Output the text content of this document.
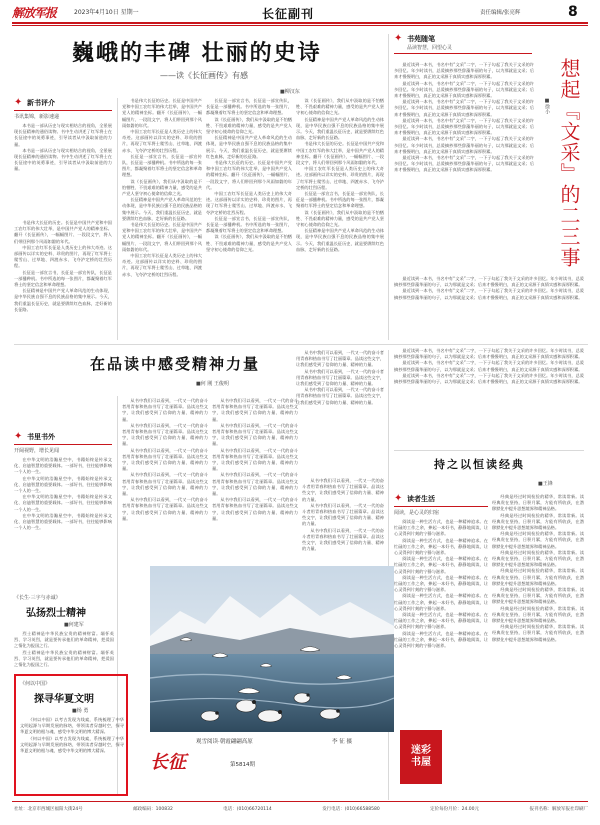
解放军报	2023年4月10日 星期一	长征副刊	责任编辑/张亮辉	8
巍峨的丰碑 壮丽的史诗
——读《长征画传》有感
■柳汉东
✦ 新书评介
书讯集锦，新影速递

本书是一部从历史与现实相结合的视角，全景展现长征精神的通俗读物。书中生动讲述了红军将士在长征途中的英勇事迹，引导读者从中汲取前进的力量。

本书是一部从历史与现实相结合的视角，全景展现长征精神的通俗读物。书中生动讲述了红军将士在长征途中的英勇事迹，引导读者从中汲取前进的力量。

书是伟大长征的历史。长征是中国共产党和中国工农红军的伟大壮举，是中国共产党人的精神坐标。翻开《长征画传》，一幅幅图片、一段段文字，将人们带回到那个风雨如磐的年代。

中国工农红军长征是人类历史上的伟大奇迹。这部画传以详实的史料、珍贵的图片，再现了红军将士爬雪山、过草地、四渡赤水、飞夺泸定桥的壮烈历程。

长征是一部宣言书，长征是一部宣传队，长征是一部播种机。书中所选的每一张图片，都凝聚着红军将士的坚定信念和革命理想。

长征精神是中国共产党人革命风范的生动体现，是中华民族自强不息的民族品格的集中展示。今天，我们重温长征历史，就是要赓续红色血脉，走好新的长征路。

书是伟大长征的历史。长征是中国共产党和中国工农红军的伟大壮举，是中国共产党人的精神坐标。翻开《长征画传》，一幅幅图片、一段段文字，将人们带回到那个风雨如磐的年代。

中国工农红军长征是人类历史上的伟大奇迹。这部画传以详实的史料、珍贵的图片，再现了红军将士爬雪山、过草地、四渡赤水、飞夺泸定桥的壮烈历程。

长征是一部宣言书，长征是一部宣传队，长征是一部播种机。书中所选的每一张图片，都凝聚着红军将士的坚定信念和革命理想。

读《长征画传》，我们从中汲取的是不怕牺牲、不畏艰难的精神力量，感受的是共产党人坚守初心使命的信仰之光。

长征精神是中国共产党人革命风范的生动体现，是中华民族自强不息的民族品格的集中展示。今天，我们重温长征历史，就是要赓续红色血脉，走好新的长征路。

书是伟大长征的历史。长征是中国共产党和中国工农红军的伟大壮举，是中国共产党人的精神坐标。翻开《长征画传》，一幅幅图片、一段段文字，将人们带回到那个风雨如磐的年代。

中国工农红军长征是人类历史上的伟大奇迹。这部画传以详实的史料、珍贵的图片，再现了红军将士爬雪山、过草地、四渡赤水、飞夺泸定桥的壮烈历程。

长征是一部宣言书，长征是一部宣传队，长征是一部播种机。书中所选的每一张图片，都凝聚着红军将士的坚定信念和革命理想。

读《长征画传》，我们从中汲取的是不怕牺牲、不畏艰难的精神力量，感受的是共产党人坚守初心使命的信仰之光。

长征精神是中国共产党人革命风范的生动体现，是中华民族自强不息的民族品格的集中展示。今天，我们重温长征历史，就是要赓续红色血脉，走好新的长征路。

书是伟大长征的历史。长征是中国共产党和中国工农红军的伟大壮举，是中国共产党人的精神坐标。翻开《长征画传》，一幅幅图片、一段段文字，将人们带回到那个风雨如磐的年代。

中国工农红军长征是人类历史上的伟大奇迹。这部画传以详实的史料、珍贵的图片，再现了红军将士爬雪山、过草地、四渡赤水、飞夺泸定桥的壮烈历程。

长征是一部宣言书，长征是一部宣传队，长征是一部播种机。书中所选的每一张图片，都凝聚着红军将士的坚定信念和革命理想。

读《长征画传》，我们从中汲取的是不怕牺牲、不畏艰难的精神力量，感受的是共产党人坚守初心使命的信仰之光。

读《长征画传》，我们从中汲取的是不怕牺牲、不畏艰难的精神力量，感受的是共产党人坚守初心使命的信仰之光。

长征精神是中国共产党人革命风范的生动体现，是中华民族自强不息的民族品格的集中展示。今天，我们重温长征历史，就是要赓续红色血脉，走好新的长征路。

书是伟大长征的历史。长征是中国共产党和中国工农红军的伟大壮举，是中国共产党人的精神坐标。翻开《长征画传》，一幅幅图片、一段段文字，将人们带回到那个风雨如磐的年代。

中国工农红军长征是人类历史上的伟大奇迹。这部画传以详实的史料、珍贵的图片，再现了红军将士爬雪山、过草地、四渡赤水、飞夺泸定桥的壮烈历程。

长征是一部宣言书，长征是一部宣传队，长征是一部播种机。书中所选的每一张图片，都凝聚着红军将士的坚定信念和革命理想。

读《长征画传》，我们从中汲取的是不怕牺牲、不畏艰难的精神力量，感受的是共产党人坚守初心使命的信仰之光。

长征精神是中国共产党人革命风范的生动体现，是中华民族自强不息的民族品格的集中展示。今天，我们重温长征历史，就是要赓续红色血脉，走好新的长征路。

✦ 书苑随笔
品读智慧，回望心灵

最近读到一本书，书名中有“文采”二字，一下子勾起了我关于文采的许多回忆。年少时读书，总爱摘抄那些辞藻华丽的句子，以为那就是文采；后来才慢慢明白，真正的文采源于真情实感和深厚积累。

最近读到一本书，书名中有“文采”二字，一下子勾起了我关于文采的许多回忆。年少时读书，总爱摘抄那些辞藻华丽的句子，以为那就是文采；后来才慢慢明白，真正的文采源于真情实感和深厚积累。

最近读到一本书，书名中有“文采”二字，一下子勾起了我关于文采的许多回忆。年少时读书，总爱摘抄那些辞藻华丽的句子，以为那就是文采；后来才慢慢明白，真正的文采源于真情实感和深厚积累。

最近读到一本书，书名中有“文采”二字，一下子勾起了我关于文采的许多回忆。年少时读书，总爱摘抄那些辞藻华丽的句子，以为那就是文采；后来才慢慢明白，真正的文采源于真情实感和深厚积累。

最近读到一本书，书名中有“文采”二字，一下子勾起了我关于文采的许多回忆。年少时读书，总爱摘抄那些辞藻华丽的句子，以为那就是文采；后来才慢慢明白，真正的文采源于真情实感和深厚积累。

最近读到一本书，书名中有“文采”二字，一下子勾起了我关于文采的许多回忆。年少时读书，总爱摘抄那些辞藻华丽的句子，以为那就是文采；后来才慢慢明白，真正的文采源于真情实感和深厚积累。	想起『文采』的二三事
■徐小

最近读到一本书，书名中有“文采”二字，一下子勾起了我关于文采的许多回忆。年少时读书，总爱摘抄那些辞藻华丽的句子，以为那就是文采；后来才慢慢明白，真正的文采源于真情实感和深厚积累。

最近读到一本书，书名中有“文采”二字，一下子勾起了我关于文采的许多回忆。年少时读书，总爱摘抄那些辞藻华丽的句子，以为那就是文采；后来才慢慢明白，真正的文采源于真情实感和深厚积累。

在品读中感受精神力量
■何 刚 王俊明

从书中我们可以看到，一代又一代的奋斗者用青春和热血书写了壮丽篇章。品读这些文字，让我们感受到了信仰的力量、精神的力量。

从书中我们可以看到，一代又一代的奋斗者用青春和热血书写了壮丽篇章。品读这些文字，让我们感受到了信仰的力量、精神的力量。

从书中我们可以看到，一代又一代的奋斗者用青春和热血书写了壮丽篇章。品读这些文字，让我们感受到了信仰的力量、精神的力量。

✦ 书里书外
开阔视野，增长见闻

在中华文明的浩瀚星空中，书籍始终是传承文化、启迪智慧的重要载体。一部好书，往往能够影响一个人的一生。

在中华文明的浩瀚星空中，书籍始终是传承文化、启迪智慧的重要载体。一部好书，往往能够影响一个人的一生。

在中华文明的浩瀚星空中，书籍始终是传承文化、启迪智慧的重要载体。一部好书，往往能够影响一个人的一生。

在中华文明的浩瀚星空中，书籍始终是传承文化、启迪智慧的重要载体。一部好书，往往能够影响一个人的一生。

《长生·三字与赤诚》
弘扬烈士精神
■何建军

烈士精神是中华民族宝贵的精神财富。缅怀英烈、学习英烈，就是要传承他们的革命精神，把爱国之情化为报国之行。

烈士精神是中华民族宝贵的精神财富。缅怀英烈、学习英烈，就是要传承他们的革命精神，把爱国之情化为报国之行。

《何以中国》
探寻华夏文明
■杨 勇

《何以中国》以考古发现为线索，系统梳理了中华文明起源与早期发展的脉络，带领读者穿越时空，探寻华夏文明的根与魂，感受中华文明的博大精深。

《何以中国》以考古发现为线索，系统梳理了中华文明起源与早期发展的脉络，带领读者穿越时空，探寻华夏文明的根与魂，感受中华文明的博大精深。

从书中我们可以看到，一代又一代的奋斗者用青春和热血书写了壮丽篇章。品读这些文字，让我们感受到了信仰的力量、精神的力量。

从书中我们可以看到，一代又一代的奋斗者用青春和热血书写了壮丽篇章。品读这些文字，让我们感受到了信仰的力量、精神的力量。

从书中我们可以看到，一代又一代的奋斗者用青春和热血书写了壮丽篇章。品读这些文字，让我们感受到了信仰的力量、精神的力量。

从书中我们可以看到，一代又一代的奋斗者用青春和热血书写了壮丽篇章。品读这些文字，让我们感受到了信仰的力量、精神的力量。

从书中我们可以看到，一代又一代的奋斗者用青春和热血书写了壮丽篇章。品读这些文字，让我们感受到了信仰的力量、精神的力量。

从书中我们可以看到，一代又一代的奋斗者用青春和热血书写了壮丽篇章。品读这些文字，让我们感受到了信仰的力量、精神的力量。

从书中我们可以看到，一代又一代的奋斗者用青春和热血书写了壮丽篇章。品读这些文字，让我们感受到了信仰的力量、精神的力量。

从书中我们可以看到，一代又一代的奋斗者用青春和热血书写了壮丽篇章。品读这些文字，让我们感受到了信仰的力量、精神的力量。

从书中我们可以看到，一代又一代的奋斗者用青春和热血书写了壮丽篇章。品读这些文字，让我们感受到了信仰的力量、精神的力量。

从书中我们可以看到，一代又一代的奋斗者用青春和热血书写了壮丽篇章。品读这些文字，让我们感受到了信仰的力量、精神的力量。

从书中我们可以看到，一代又一代的奋斗者用青春和热血书写了壮丽篇章。品读这些文字，让我们感受到了信仰的力量、精神的力量。

从书中我们可以看到，一代又一代的奋斗者用青春和热血书写了壮丽篇章。品读这些文字，让我们感受到了信仰的力量、精神的力量。

从书中我们可以看到，一代又一代的奋斗者用青春和热血书写了壮丽篇章。品读这些文字，让我们感受到了信仰的力量、精神的力量。

观雪阅读·朝霞翩翩高原	李 征 摄
长征	第5814期
迷彩
书屋

最近读到一本书，书名中有“文采”二字，一下子勾起了我关于文采的许多回忆。年少时读书，总爱摘抄那些辞藻华丽的句子，以为那就是文采；后来才慢慢明白，真正的文采源于真情实感和深厚积累。

最近读到一本书，书名中有“文采”二字，一下子勾起了我关于文采的许多回忆。年少时读书，总爱摘抄那些辞藻华丽的句子，以为那就是文采；后来才慢慢明白，真正的文采源于真情实感和深厚积累。

最近读到一本书，书名中有“文采”二字，一下子勾起了我关于文采的许多回忆。年少时读书，总爱摘抄那些辞藻华丽的句子，以为那就是文采；后来才慢慢明白，真正的文采源于真情实感和深厚积累。

持之以恒读经典
■王锋
✦ 读者生活
阅读，是心灵的归宿

阅读是一种生活方式，也是一种精神追求。在忙碌的工作之余，捧起一本好书，静静地阅读，让心灵得到片刻的宁静与滋养。

阅读是一种生活方式，也是一种精神追求。在忙碌的工作之余，捧起一本好书，静静地阅读，让心灵得到片刻的宁静与滋养。

阅读是一种生活方式，也是一种精神追求。在忙碌的工作之余，捧起一本好书，静静地阅读，让心灵得到片刻的宁静与滋养。

阅读是一种生活方式，也是一种精神追求。在忙碌的工作之余，捧起一本好书，静静地阅读，让心灵得到片刻的宁静与滋养。

阅读是一种生活方式，也是一种精神追求。在忙碌的工作之余，捧起一本好书，静静地阅读，让心灵得到片刻的宁静与滋养。

阅读是一种生活方式，也是一种精神追求。在忙碌的工作之余，捧起一本好书，静静地阅读，让心灵得到片刻的宁静与滋养。

阅读是一种生活方式，也是一种精神追求。在忙碌的工作之余，捧起一本好书，静静地阅读，让心灵得到片刻的宁静与滋养。

经典是经过时间检验的精华，常读常新。读经典贵在坚持，日积月累，方能有所收获，在潜移默化中提升思想境界和精神品格。

经典是经过时间检验的精华，常读常新。读经典贵在坚持，日积月累，方能有所收获，在潜移默化中提升思想境界和精神品格。

经典是经过时间检验的精华，常读常新。读经典贵在坚持，日积月累，方能有所收获，在潜移默化中提升思想境界和精神品格。

经典是经过时间检验的精华，常读常新。读经典贵在坚持，日积月累，方能有所收获，在潜移默化中提升思想境界和精神品格。

经典是经过时间检验的精华，常读常新。读经典贵在坚持，日积月累，方能有所收获，在潜移默化中提升思想境界和精神品格。

经典是经过时间检验的精华，常读常新。读经典贵在坚持，日积月累，方能有所收获，在潜移默化中提升思想境界和精神品格。

经典是经过时间检验的精华，常读常新。读经典贵在坚持，日积月累，方能有所收获，在潜移默化中提升思想境界和精神品格。

经典是经过时间检验的精华，常读常新。读经典贵在坚持，日积月累，方能有所收获，在潜移默化中提升思想境界和精神品格。

社址：北京市西城区福阳大街24号	邮政编码：100832	电话：(010)66720114	发行电话：(010)66588580	定价每份月价：24.00元	报刊名称：解放军报社印刷厂
